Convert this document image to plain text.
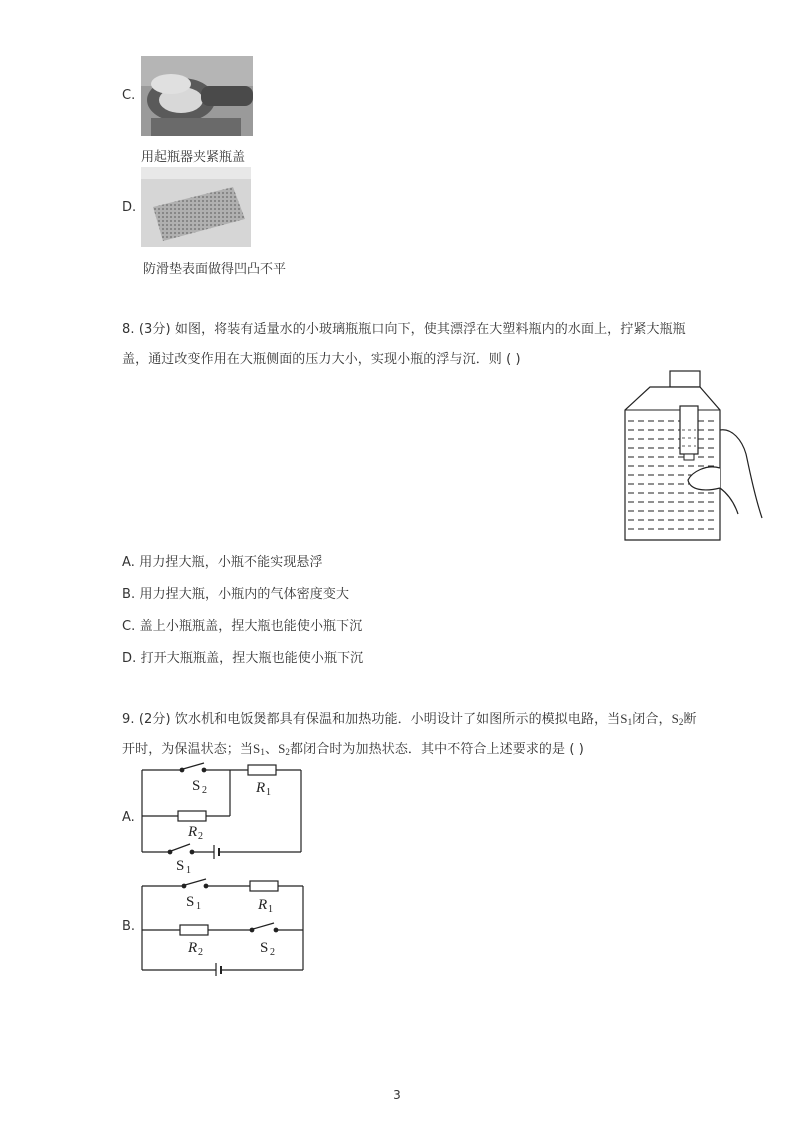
C.
用起瓶器夹紧瓶盖
D.
防滑垫表面做得凹凸不平
8. (3分) 如图，将装有适量水的小玻璃瓶瓶口向下，使其漂浮在大塑料瓶内的水面上，拧紧大瓶瓶
盖，通过改变作用在大瓶侧面的压力大小，实现小瓶的浮与沉．则 ( )
A. 用力捏大瓶，小瓶不能实现悬浮
B. 用力捏大瓶，小瓶内的气体密度变大
C. 盖上小瓶瓶盖，捏大瓶也能使小瓶下沉
D. 打开大瓶瓶盖，捏大瓶也能使小瓶下沉
9. (2分) 饮水机和电饭煲都具有保温和加热功能．小明设计了如图所示的模拟电路，当$S_1$闭合，$S_2$断
开时，为保温状态；当$S_1$、$S_2$都闭合时为加热状态．其中不符合上述要求的是 ( )
A.
S 2	R 1
R 2
S 1
B.
S 1	R 1
R 2	S 2
3
